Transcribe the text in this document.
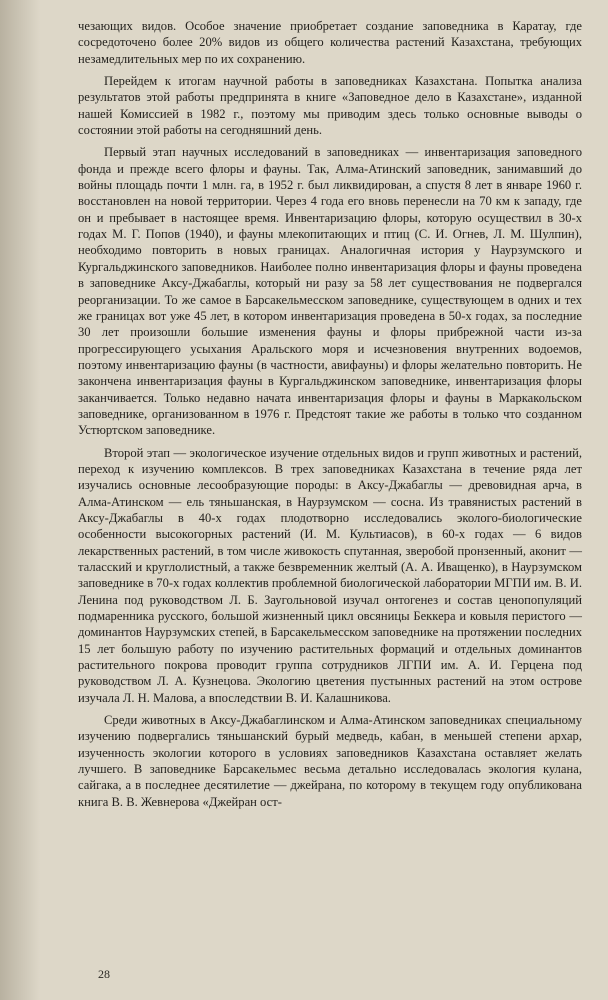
чезающих видов. Особое значение приобретает создание заповедника в Каратау, где сосредоточено более 20% видов из общего количества растений Казахстана, требующих незамедлительных мер по их сохранению.

Перейдем к итогам научной работы в заповедниках Казахстана. Попытка анализа результатов этой работы предпринята в книге «Заповедное дело в Казахстане», изданной нашей Комиссией в 1982 г., поэтому мы приводим здесь только основные выводы о состоянии этой работы на сегодняшний день.

Первый этап научных исследований в заповедниках — инвентаризация заповедного фонда и прежде всего флоры и фауны. Так, Алма-Атинский заповедник, занимавший до войны площадь почти 1 млн. га, в 1952 г. был ликвидирован, а спустя 8 лет в январе 1960 г. восстановлен на новой территории. Через 4 года его вновь перенесли на 70 км к западу, где он и пребывает в настоящее время. Инвентаризацию флоры, которую осуществил в 30-х годах М. Г. Попов (1940), и фауны млекопитающих и птиц (С. И. Огнев, Л. М. Шулпин), необходимо повторить в новых границах. Аналогичная история у Наурзумского и Кургальджинского заповедников. Наиболее полно инвентаризация флоры и фауны проведена в заповеднике Аксу-Джабаглы, который ни разу за 58 лет существования не подвергался реорганизации. То же самое в Барсакельмесском заповеднике, существующем в одних и тех же границах вот уже 45 лет, в котором инвентаризация проведена в 50-х годах, за последние 30 лет произошли большие изменения фауны и флоры прибрежной части из-за прогрессирующего усыхания Аральского моря и исчезновения внутренних водоемов, поэтому инвентаризацию фауны (в частности, авифауны) и флоры желательно повторить. Не закончена инвентаризация фауны в Кургальджинском заповеднике, инвентаризация флоры заканчивается. Только недавно начата инвентаризация флоры и фауны в Маркакольском заповеднике, организованном в 1976 г. Предстоят такие же работы в только что созданном Устюртском заповеднике.

Второй этап — экологическое изучение отдельных видов и групп животных и растений, переход к изучению комплексов. В трех заповедниках Казахстана в течение ряда лет изучались основные лесообразующие породы: в Аксу-Джабаглы — древовидная арча, в Алма-Атинском — ель тяньшанская, в Наурзумском — сосна. Из травянистых растений в Аксу-Джабаглы в 40-х годах плодотворно исследовались эколого-биологические особенности высокогорных растений (И. М. Культиасов), в 60-х годах — 6 видов лекарственных растений, в том числе живокость спутанная, зверобой пронзенный, аконит — таласский и круглолистный, а также безвременник желтый (А. А. Иващенко), в Наурзумском заповеднике в 70-х годах коллектив проблемной биологической лаборатории МГПИ им. В. И. Ленина под руководством Л. Б. Заугольновой изучал онтогенез и состав ценопопуляций подмаренника русского, большой жизненный цикл овсяницы Беккера и ковыля перистого — доминантов Наурзумских степей, в Барсакельмесском заповеднике на протяжении последних 15 лет большую работу по изучению растительных формаций и отдельных доминантов растительного покрова проводит группа сотрудников ЛГПИ им. А. И. Герцена под руководством Л. А. Кузнецова. Экологию цветения пустынных растений на этом острове изучала Л. Н. Малова, а впоследствии В. И. Калашникова.

Среди животных в Аксу-Джабаглинском и Алма-Атинском заповедниках специальному изучению подвергались тяньшанский бурый медведь, кабан, в меньшей степени архар, изученность экологии которого в условиях заповедников Казахстана оставляет желать лучшего. В заповеднике Барсакельмес весьма детально исследовалась экология кулана, сайгака, а в последнее десятилетие — джейрана, по которому в текущем году опубликована книга В. В. Жевнерова «Джейран ост-

28
